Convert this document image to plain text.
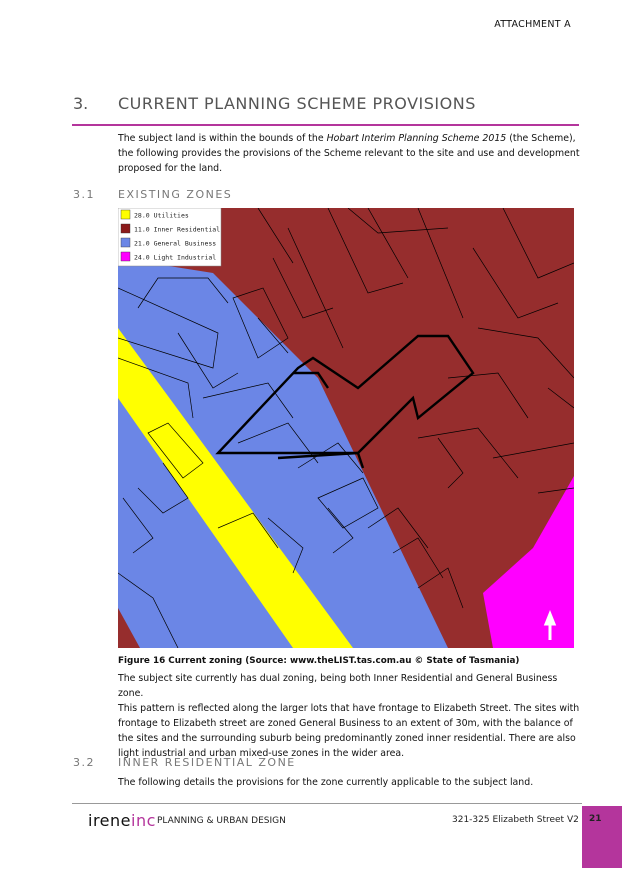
ATTACHMENT A
3. CURRENT PLANNING SCHEME PROVISIONS
The subject land is within the bounds of the Hobart Interim Planning Scheme 2015 (the Scheme), the following provides the provisions of the Scheme relevant to the site and use and development proposed for the land.
3.1 EXISTING ZONES
28.0 Utilities
11.0 Inner Residential
21.0 General Business
24.0 Light Industrial
Figure 16 Current zoning (Source: www.theLIST.tas.com.au © State of Tasmania)
The subject site currently has dual zoning, being both Inner Residential and General Business zone.
This pattern is reflected along the larger lots that have frontage to Elizabeth Street. The sites with
frontage to Elizabeth street are zoned General Business to an extent of 30m, with the balance of
the sites and the surrounding suburb being predominantly zoned inner residential. There are also
light industrial and urban mixed-use zones in the wider area.
3.2 INNER RESIDENTIAL ZONE
The following details the provisions for the zone currently applicable to the subject land.
ireneinc PLANNING & URBAN DESIGN	321-325 Elizabeth Street V2 21
